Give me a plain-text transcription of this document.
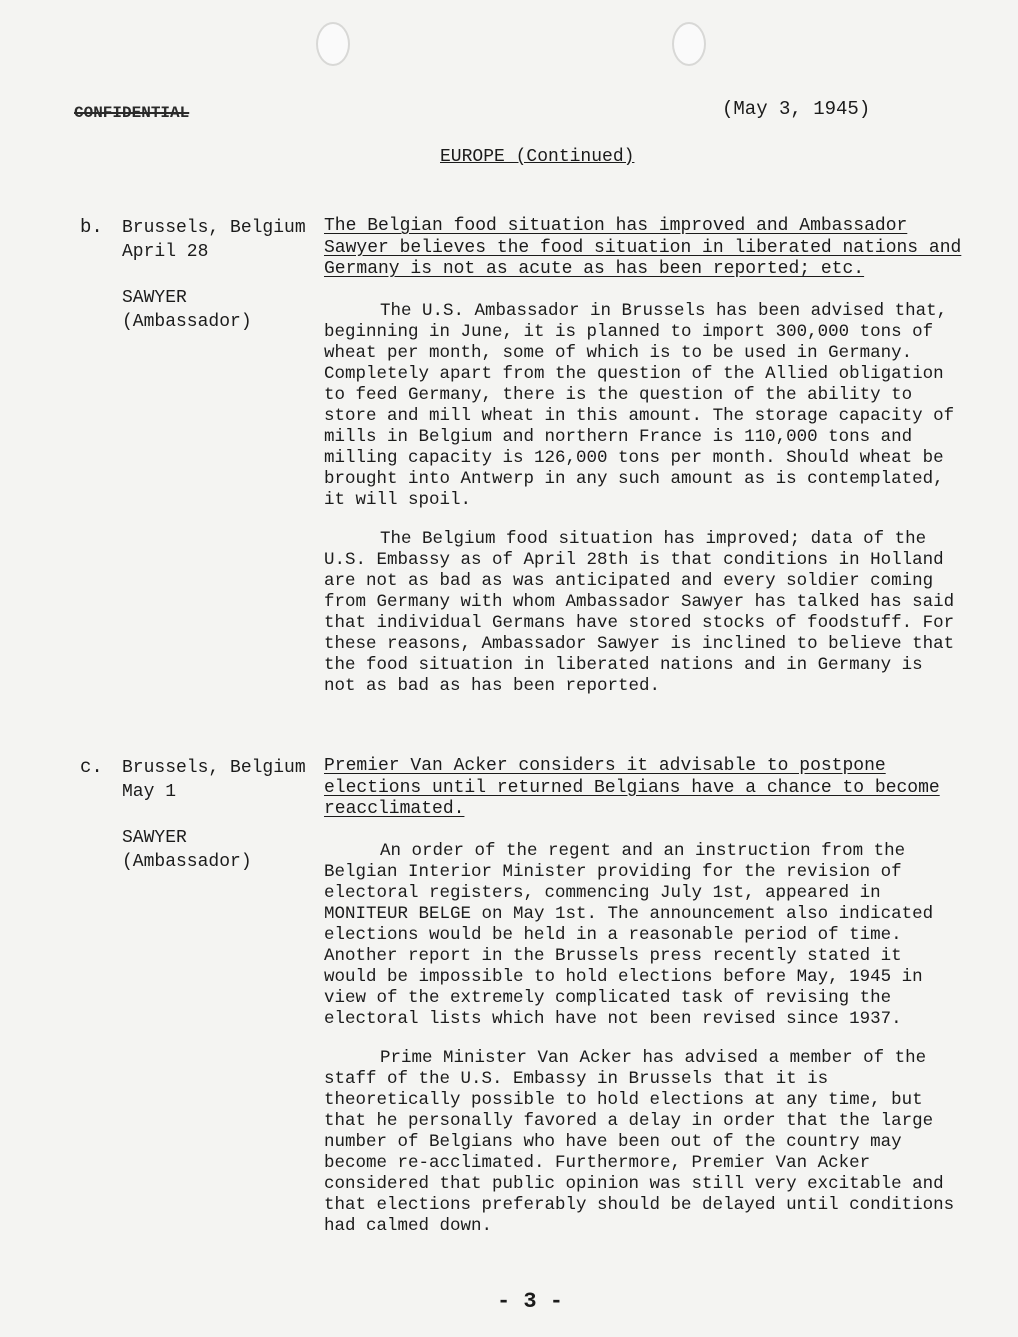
CONFIDENTIAL	(May 3, 1945)
EUROPE (Continued)
b. Brussels, Belgium
April 28
SAWYER
(Ambassador)
The Belgian food situation has improved and Ambassador Sawyer believes the food situation in liberated nations and Germany is not as acute as has been reported; etc.

The U.S. Ambassador in Brussels has been advised that, beginning in June, it is planned to import 300,000 tons of wheat per month, some of which is to be used in Germany. Completely apart from the question of the Allied obligation to feed Germany, there is the question of the ability to store and mill wheat in this amount. The storage capacity of mills in Belgium and northern France is 110,000 tons and milling capacity is 126,000 tons per month. Should wheat be brought into Antwerp in any such amount as is contemplated, it will spoil.

The Belgium food situation has improved; data of the U.S. Embassy as of April 28th is that conditions in Holland are not as bad as was anticipated and every soldier coming from Germany with whom Ambassador Sawyer has talked has said that individual Germans have stored stocks of foodstuff. For these reasons, Ambassador Sawyer is inclined to believe that the food situation in liberated nations and in Germany is not as bad as has been reported.

c. Brussels, Belgium
May 1
SAWYER
(Ambassador)
Premier Van Acker considers it advisable to postpone elections until returned Belgians have a chance to become reacclimated.

An order of the regent and an instruction from the Belgian Interior Minister providing for the revision of electoral registers, commencing July 1st, appeared in MONITEUR BELGE on May 1st. The announcement also indicated elections would be held in a reasonable period of time. Another report in the Brussels press recently stated it would be impossible to hold elections before May, 1945 in view of the extremely complicated task of revising the electoral lists which have not been revised since 1937.

Prime Minister Van Acker has advised a member of the staff of the U.S. Embassy in Brussels that it is theoretically possible to hold elections at any time, but that he personally favored a delay in order that the large number of Belgians who have been out of the country may become re-acclimated. Furthermore, Premier Van Acker considered that public opinion was still very excitable and that elections preferably should be delayed until conditions had calmed down.

- 3 -
